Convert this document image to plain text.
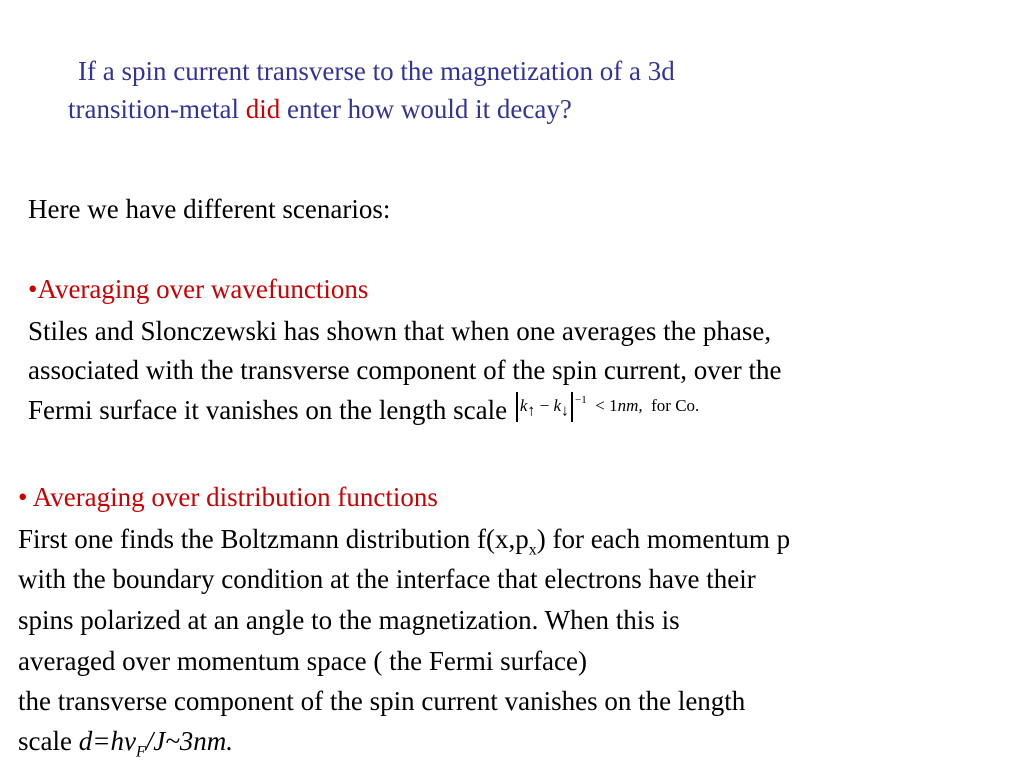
If a spin current transverse to the magnetization of a 3d
transition-metal did enter how would it decay?
Here we have different scenarios:
•Averaging over wavefunctions
Stiles and Slonczewski has shown that when one averages the phase,
associated with the transverse component of the spin current, over the
Fermi surface it vanishes on the length scale $k_↑ - k_↓^{-1} < 1nm$, for Co.
• Averaging over distribution functions
First one finds the Boltzmann distribution $f(x,p_x)$ for each momentum p
with the boundary condition at the interface that electrons have their
spins polarized at an angle to the magnetization. When this is
averaged over momentum space ( the Fermi surface)
the transverse component of the spin current vanishes on the length
scale $d=hv_F/J\sim 3nm$.
